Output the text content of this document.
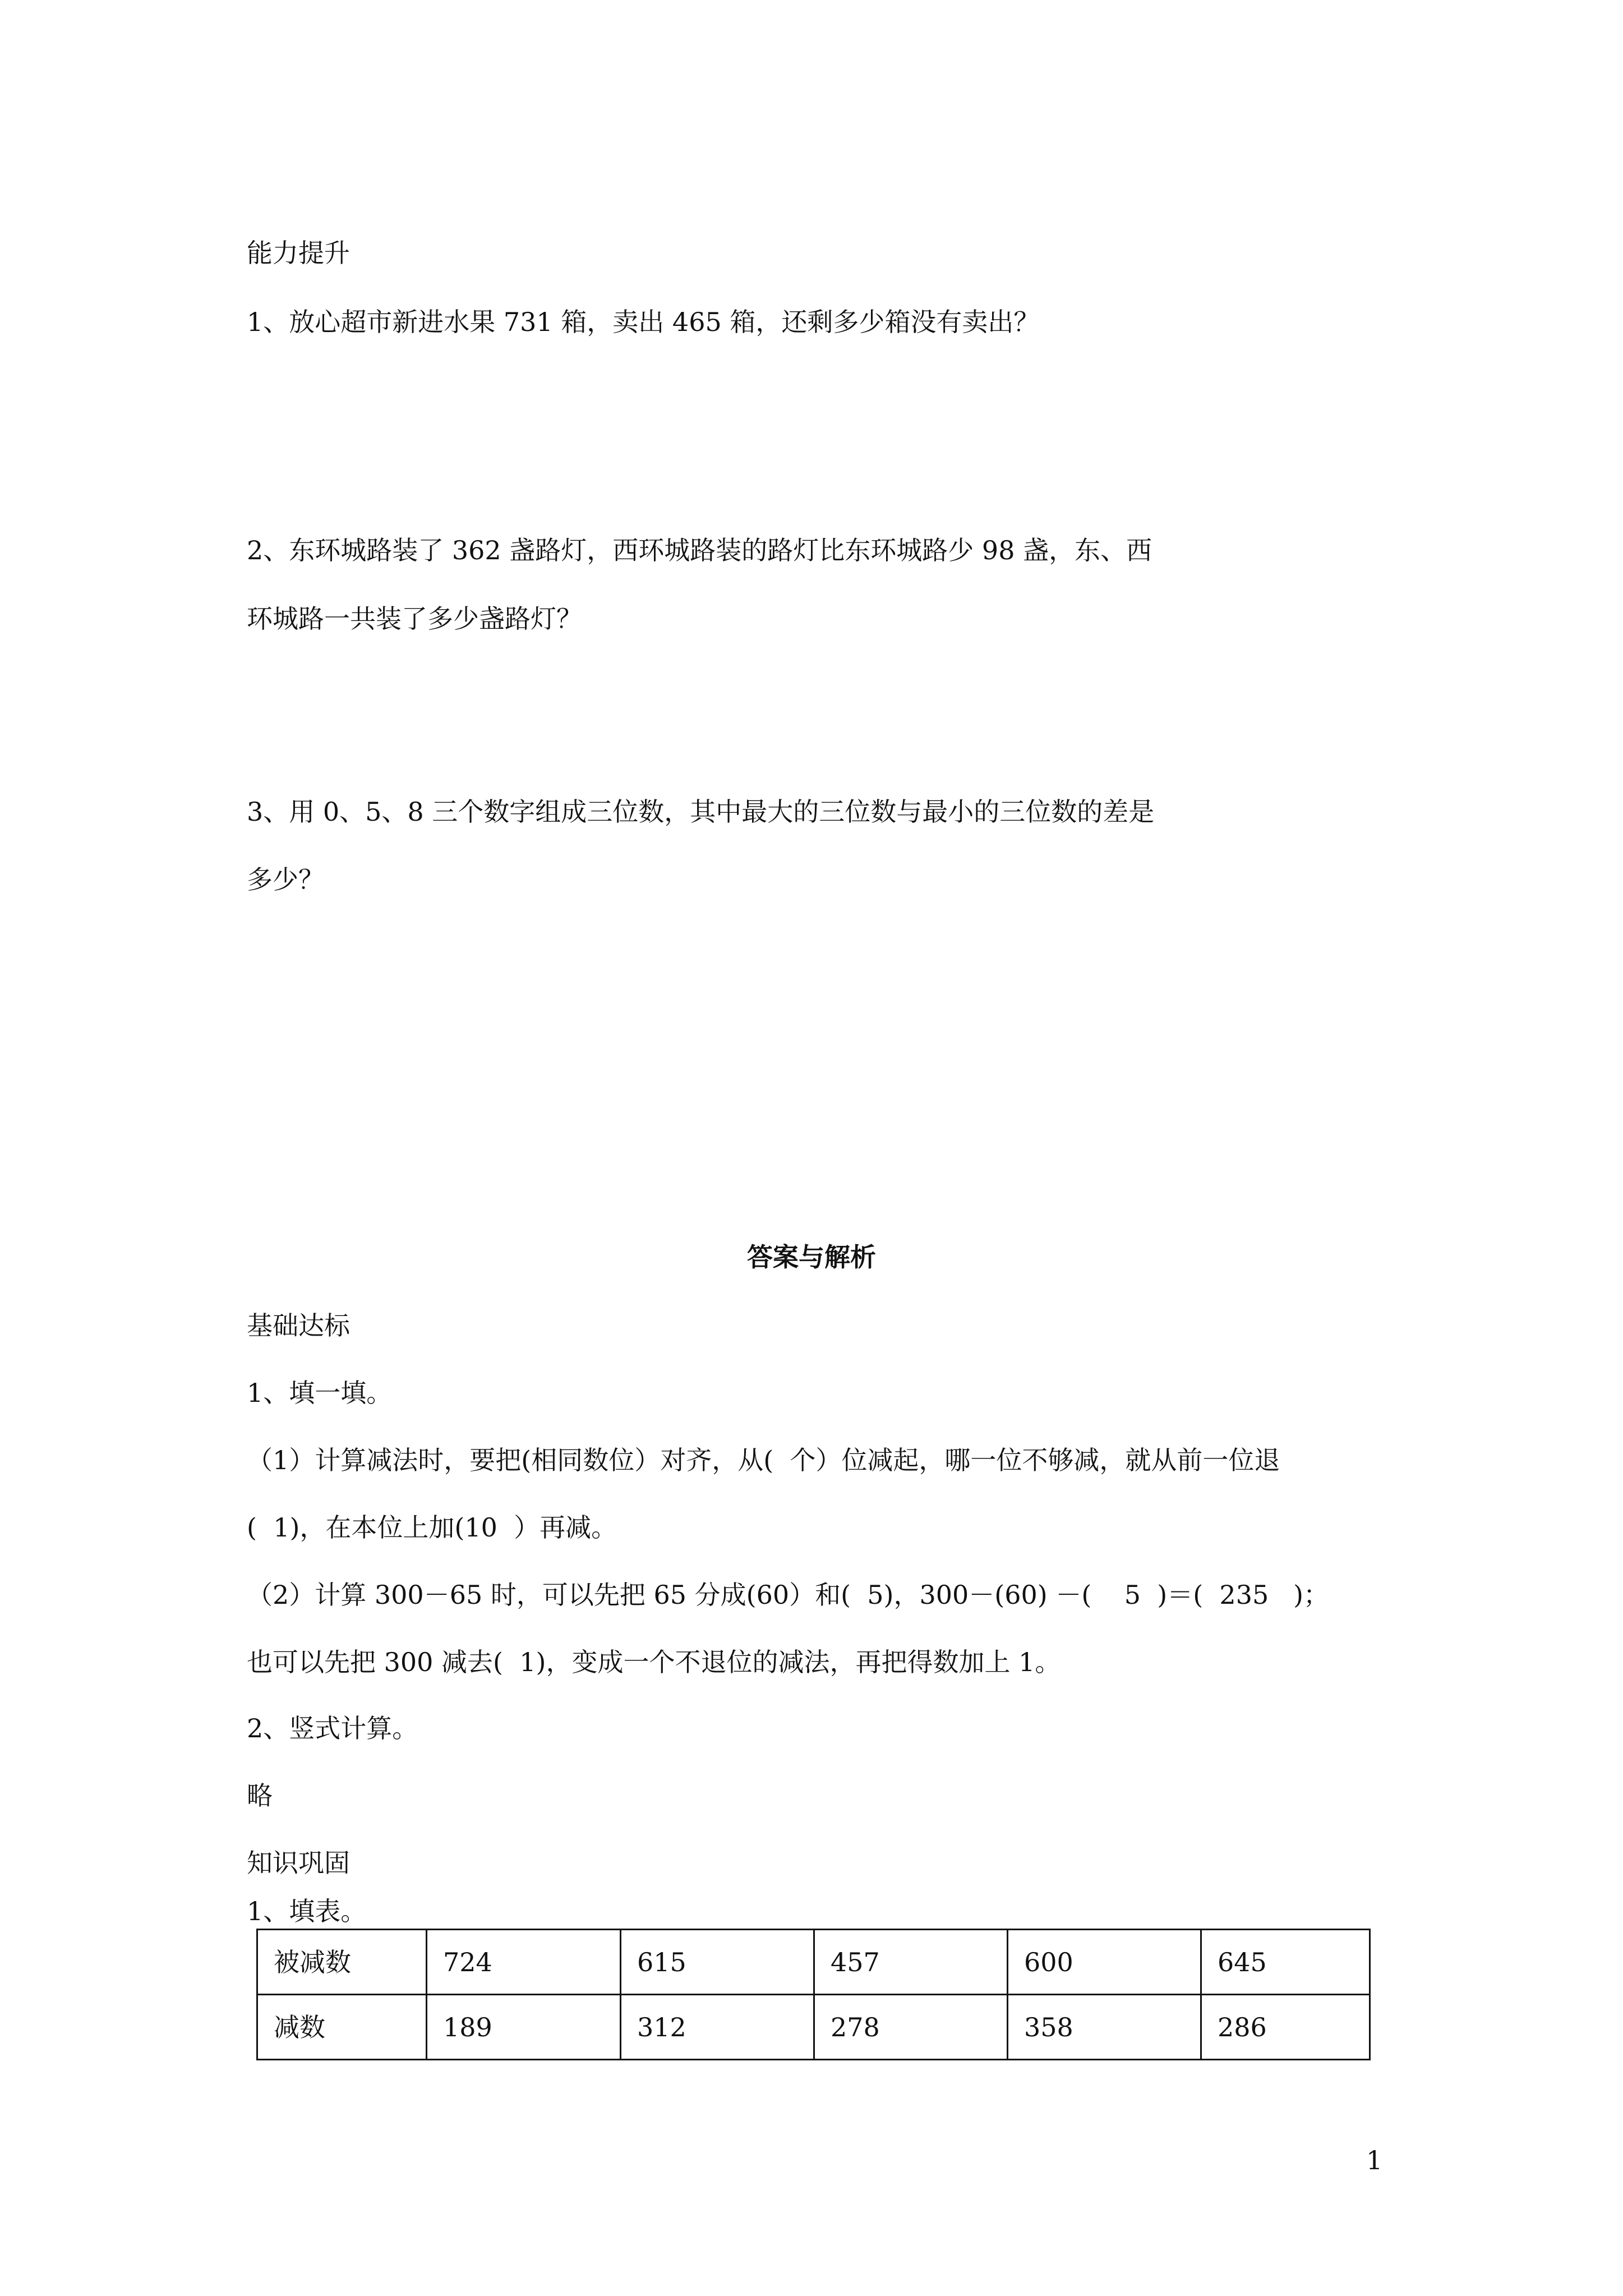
能力提升
1、放心超市新进水果 731 箱，卖出 465 箱，还剩多少箱没有卖出？
2、东环城路装了 362 盏路灯，西环城路装的路灯比东环城路少 98 盏，东、西
环城路一共装了多少盏路灯？
3、用 0、5、8 三个数字组成三位数，其中最大的三位数与最小的三位数的差是
多少？
答案与解析
基础达标
1、填一填。
（1）计算减法时，要把(相同数位）对齐，从(  个）位减起，哪一位不够减，就从前一位退
(  1)，在本位上加(10  ）再减。
（2）计算 300－65 时，可以先把 65 分成(60）和(  5)，300－(60) －(    5  )＝(  235   )；
也可以先把 300 减去(  1)，变成一个不退位的减法，再把得数加上 1。
2、竖式计算。
略
知识巩固
1、填表。
被减数	724	615	457	600	645
减数	189	312	278	358	286
1
